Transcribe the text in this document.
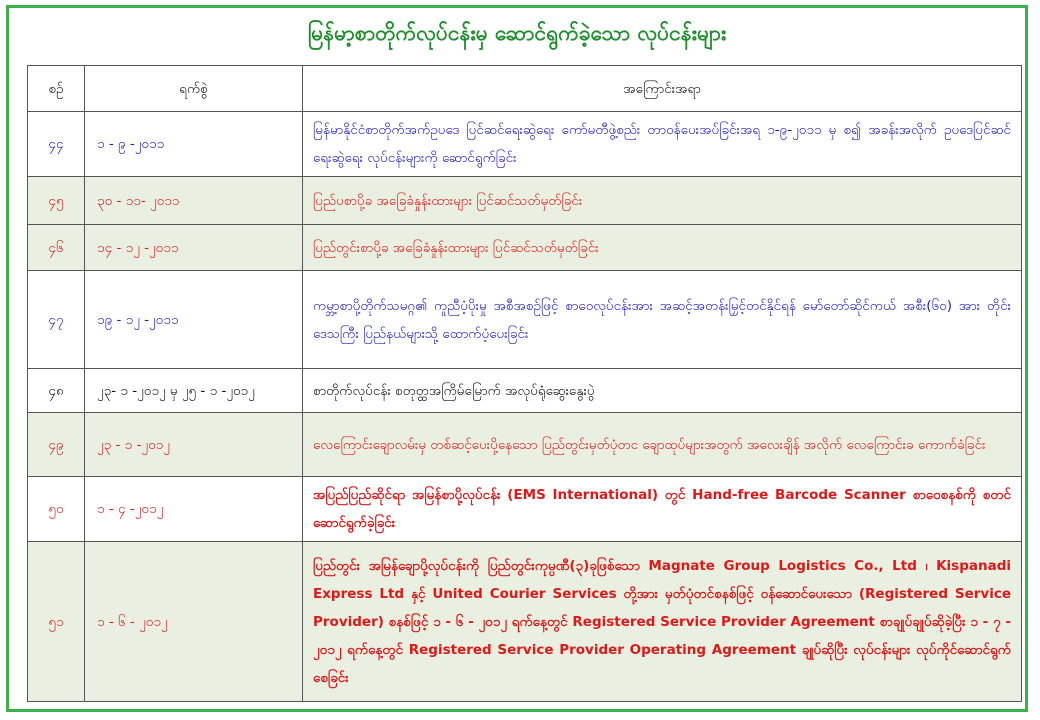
မြန်မာ့စာတိုက်လုပ်ငန်းမှ ဆောင်ရွက်ခဲ့သော လုပ်ငန်းများ
စဉ်	ရက်စွဲ	အကြောင်းအရာ
၄၄	၁ - ၉ -၂၀၁၁	မြန်မာနိုင်ငံစာတိုက်အက်ဥပဒေ ပြင်ဆင်ရေးဆွဲရေး ကော်မတီဖွဲ့စည်း တာဝန်ပေးအပ်ခြင်းအရ ၁-၉-၂၀၁၁ မှ စ၍ အခန်းအလိုက် ဥပဒေပြင်ဆင်ရေးဆွဲရေး လုပ်ငန်းများကို ဆောင်ရွက်ခြင်း
၄၅	၃၀ - ၁၁- ၂၀၁၁	ပြည်ပစာပို့ခ အခြေခံနှုန်းထားများ ပြင်ဆင်သတ်မှတ်ခြင်း
၄၆	၁၄ - ၁၂ -၂၀၁၁	ပြည်တွင်းစာပို့ခ အခြေခံနှုန်းထားများ ပြင်ဆင်သတ်မှတ်ခြင်း
၄၇	၁၉ - ၁၂ -၂၀၁၁	ကမ္ဘာ့စာပို့တိုက်သမဂ္ဂ၏ ကူညီပံ့ပိုးမှု အစီအစဉ်ဖြင့် စာဝေလုပ်ငန်းအား အဆင့်အတန်းမြှင့်တင်နိုင်ရန် မော်တော်ဆိုင်ကယ် အစီး(၆၀) အား တိုင်းဒေသကြီး ပြည်နယ်များသို့ ထောက်ပံ့ပေးခြင်း
၄၈	၂၃- ၁ -၂၀၁၂ မှ ၂၅ - ၁ -၂၀၁၂	စာတိုက်လုပ်ငန်း စတုတ္ထအကြိမ်မြောက် အလုပ်ရုံဆွေးနွေးပွဲ
၄၉	၂၃ - ၁ -၂၀၁၂	လေကြောင်းချောလမ်းမှ တစ်ဆင့်ပေးပို့နေသော ပြည်တွင်းမှတ်ပုံတင ချောထုပ်များအတွက် အလေးချိန် အလိုက် လေကြောင်းခ ကောက်ခံခြင်း
၅၀	၁ - ၄ -၂၀၁၂	အပြည်ပြည်ဆိုင်ရာ အမြန်စာပို့လုပ်ငန်း (EMS International) တွင် Hand-free Barcode Scanner စာဝေစနစ်ကို စတင်ဆောင်ရွက်ခဲ့ခြင်း
၅၁	၁ - ၆ - ၂၀၁၂	ပြည်တွင်း အမြန်ချောပို့လုပ်ငန်းကို ပြည်တွင်းကုမ္ပဏီ(၃)ခုဖြစ်သော Magnate Group Logistics Co., Ltd ၊ Kispanadi Express Ltd နှင့် United Courier Services တို့အား မှတ်ပုံတင်စနစ်ဖြင့် ဝန်ဆောင်ပေးသော (Registered Service Provider) စနစ်ဖြင့် ၁ - ၆ - ၂၀၁၂ ရက်နေ့တွင် Registered Service Provider Agreement စာချုပ်ချုပ်ဆိုခဲ့ပြီး ၁ - ၇ - ၂၀၁၂ ရက်နေ့တွင် Registered Service Provider Operating Agreement ချုပ်ဆိုပြီး လုပ်ငန်းများ လုပ်ကိုင်ဆောင်ရွက်စေခြင်း
